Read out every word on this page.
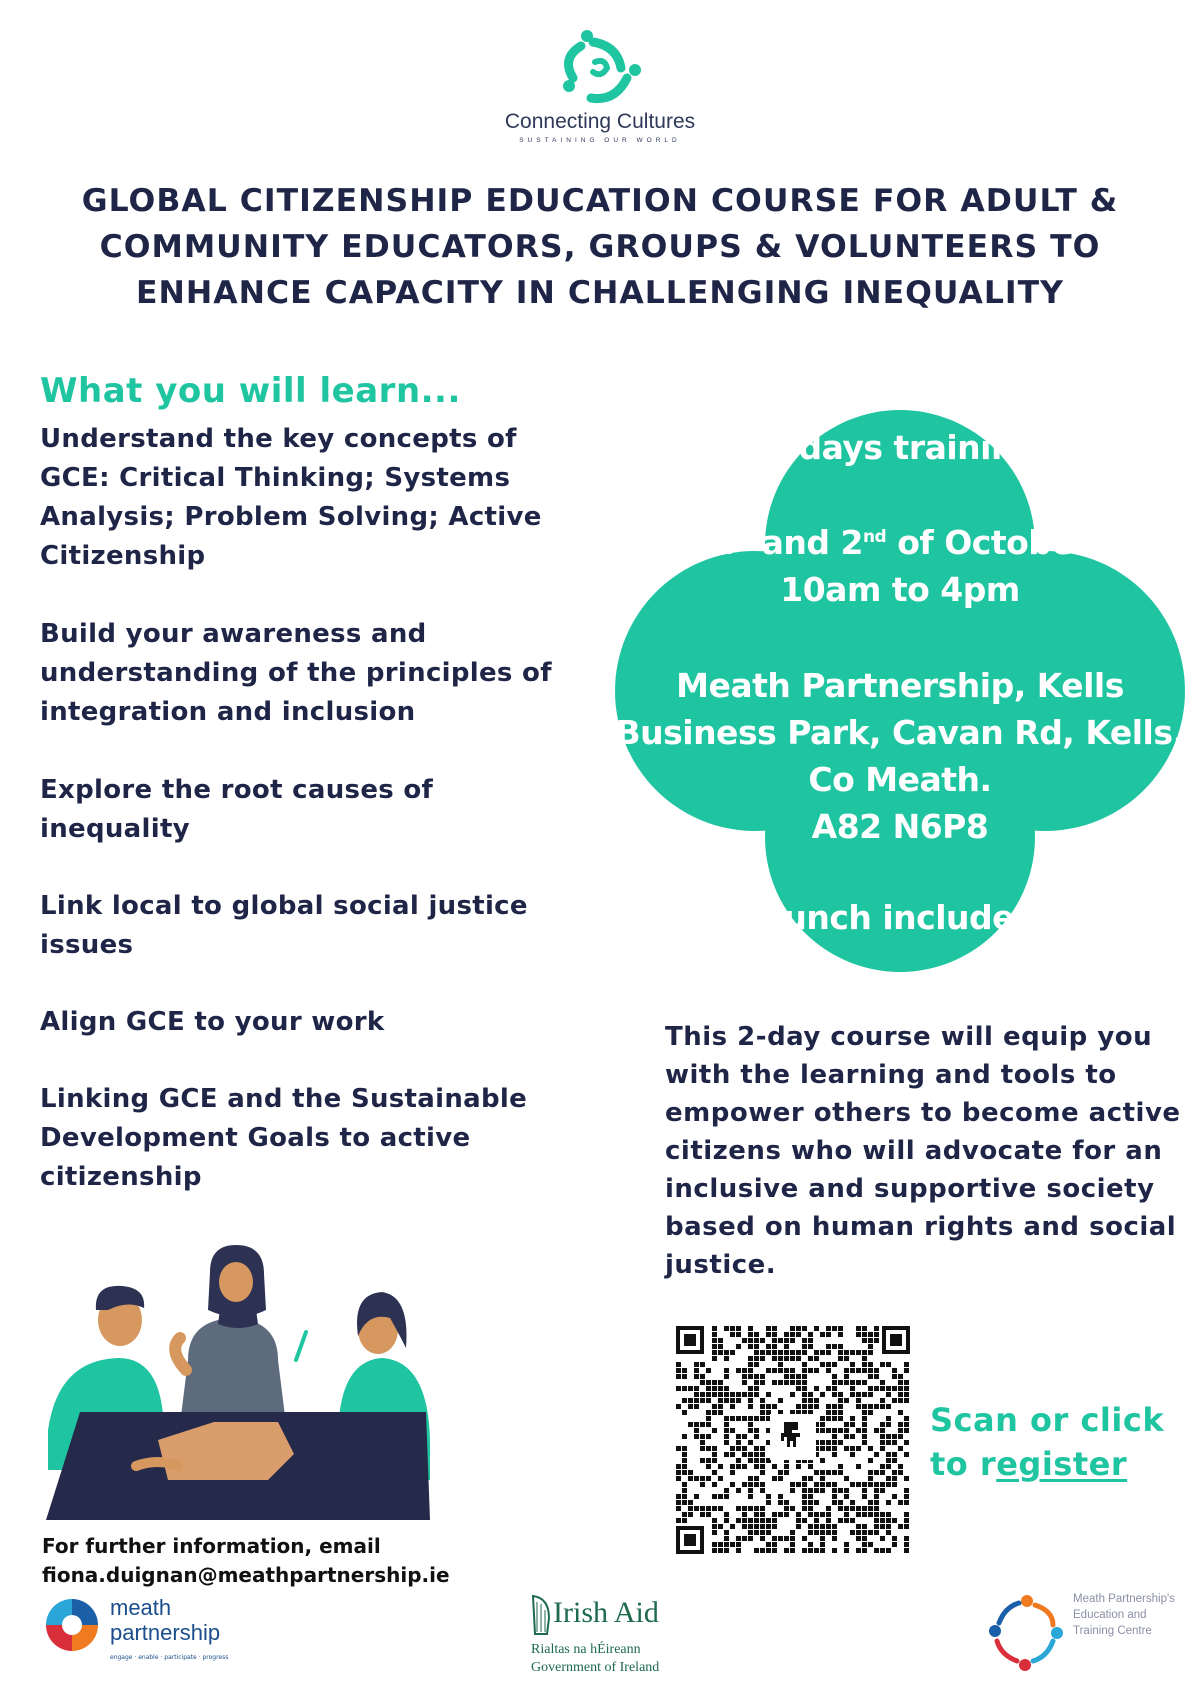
Connecting Cultures
SUSTAINING OUR WORLD
GLOBAL CITIZENSHIP EDUCATION COURSE FOR ADULT &
COMMUNITY EDUCATORS, GROUPS & VOLUNTEERS TO
ENHANCE CAPACITY IN CHALLENGING INEQUALITY
What you will learn...
Understand the key concepts of GCE: Critical Thinking; Systems Analysis; Problem Solving; Active Citizenship
Build your awareness and understanding of the principles of integration and inclusion
Explore the root causes of inequality
Link local to global social justice issues
Align GCE to your work
Linking GCE and the Sustainable Development Goals to active citizenship
2-days training
1st and 2nd of October
10am to 4pm
Meath Partnership, Kells
Business Park, Cavan Rd, Kells,
Co Meath.
A82 N6P8
Lunch included
This 2-day course will equip you with the learning and tools to empower others to become active citizens who will advocate for an inclusive and supportive society based on human rights and social justice.
Scan or click
to register
For further information, email
fiona.duignan@meathpartnership.ie
meath
partnership
engage · enable · participate · progress
Irish Aid
Rialtas na hÉireann
Government of Ireland
Meath Partnership's Education and Training Centre
